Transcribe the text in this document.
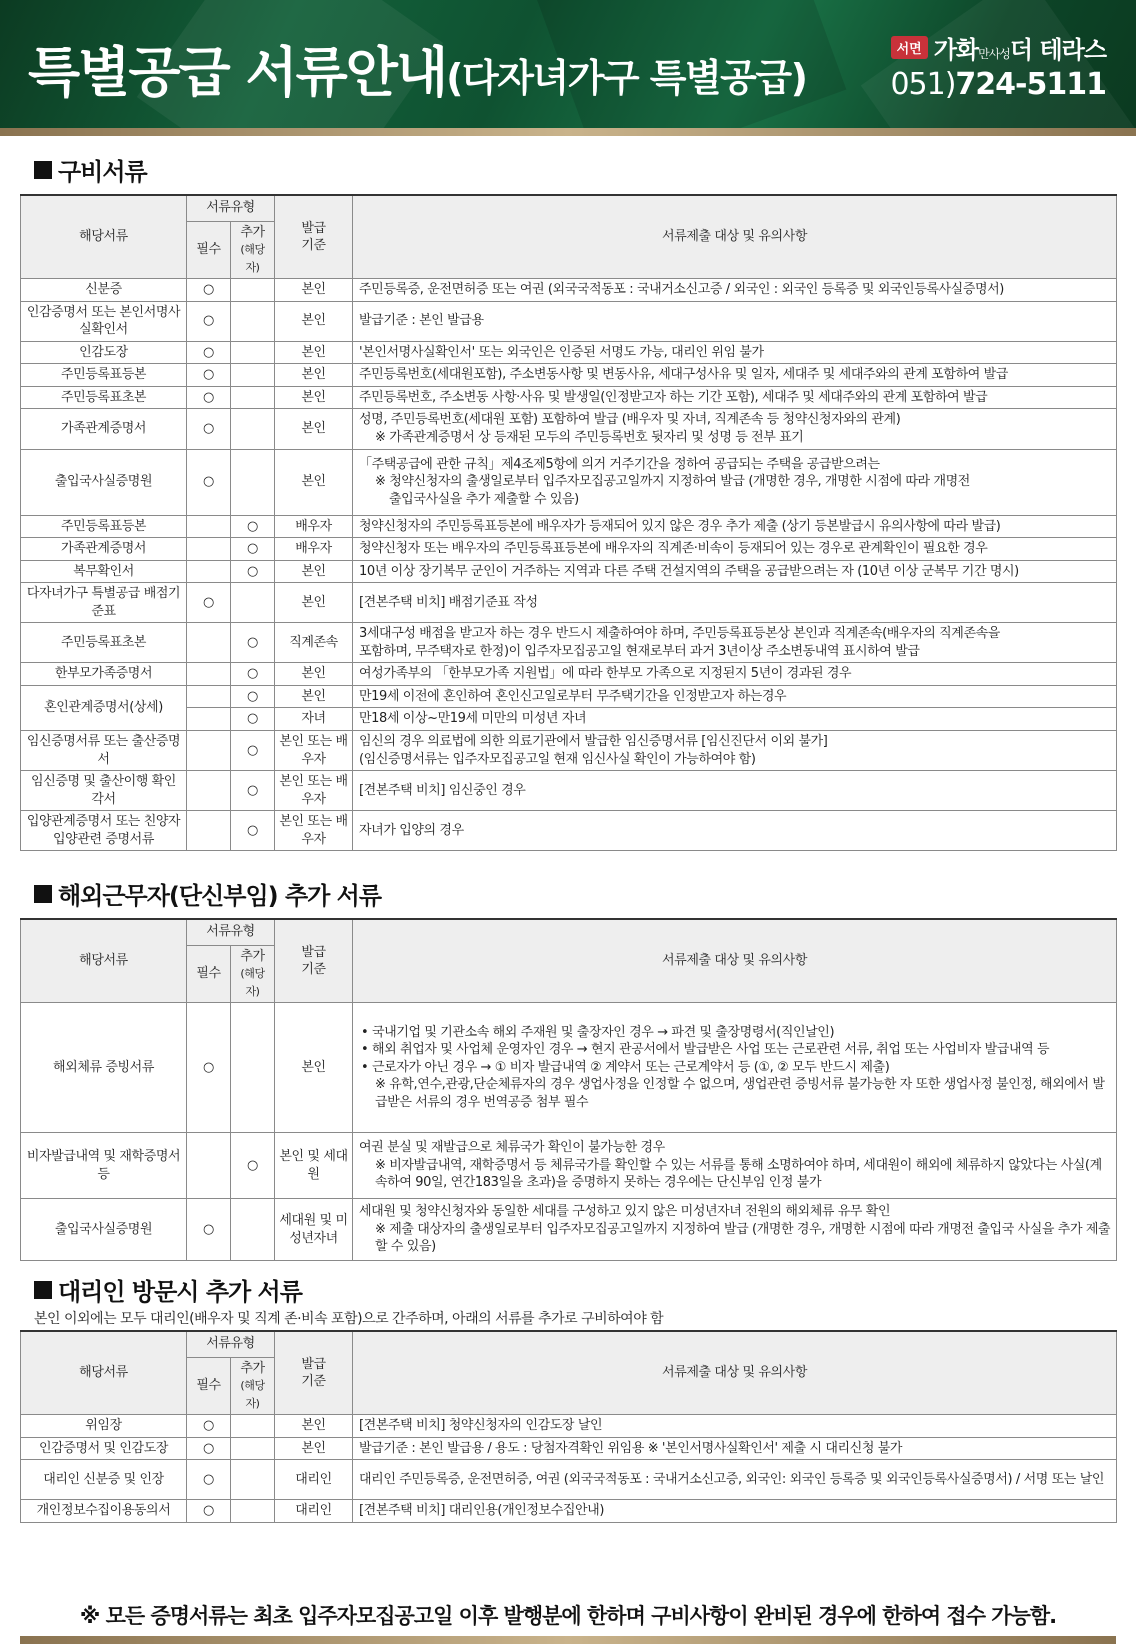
특별공급 서류안내(다자녀가구 특별공급)
서면 가화만사성더 테라스
051)724-5111
구비서류
해당서류	서류유형		발급
기준	서류제출 대상 및 유의사항
	필수	추가
(해당자)		
신분증	○		본인	주민등록증, 운전면허증 또는 여권 (외국국적동포 : 국내거소신고증 / 외국인 : 외국인 등록증 및 외국인등록사실증명서)

인감증명서 또는 본인서명사실확인서	○		본인	발급기준 : 본인 발급용

인감도장	○		본인	'본인서명사실확인서' 또는 외국인은 인증된 서명도 가능, 대리인 위임 불가

주민등록표등본	○		본인	주민등록번호(세대원포함), 주소변동사항 및 변동사유, 세대구성사유 및 일자, 세대주 및 세대주와의 관계 포함하여 발급

주민등록표초본	○		본인	주민등록번호, 주소변동 사항·사유 및 발생일(인정받고자 하는 기간 포함), 세대주 및 세대주와의 관계 포함하여 발급

가족관계증명서	○		본인	성명, 주민등록번호(세대원 포함) 포함하여 발급 (배우자 및 자녀, 직계존속 등 청약신청자와의 관계)
※ 가족관계증명서 상 등재된 모두의 주민등록번호 뒷자리 및 성명 등 전부 표기

출입국사실증명원	○		본인	「주택공급에 관한 규칙」제4조제5항에 의거 거주기간을 정하여 공급되는 주택을 공급받으려는
※ 청약신청자의 출생일로부터 입주자모집공고일까지 지정하여 발급 (개명한 경우, 개명한 시점에 따라 개명전
출입국사실을 추가 제출할 수 있음)

주민등록표등본		○	배우자	청약신청자의 주민등록표등본에 배우자가 등재되어 있지 않은 경우 추가 제출 (상기 등본발급시 유의사항에 따라 발급)

가족관계증명서		○	배우자	청약신청자 또는 배우자의 주민등록표등본에 배우자의 직계존·비속이 등재되어 있는 경우로 관계확인이 필요한 경우

복무확인서		○	본인	10년 이상 장기복무 군인이 거주하는 지역과 다른 주택 건설지역의 주택을 공급받으려는 자 (10년 이상 군복무 기간 명시)

다자녀가구 특별공급 배점기준표	○		본인	[견본주택 비치] 배점기준표 작성

주민등록표초본		○	직계존속	3세대구성 배점을 받고자 하는 경우 반드시 제출하여야 하며, 주민등록표등본상 본인과 직계존속(배우자의 직계존속을
포함하며, 무주택자로 한정)이 입주자모집공고일 현재로부터 과거 3년이상 주소변동내역 표시하여 발급

한부모가족증명서		○	본인	여성가족부의 「한부모가족 지원법」에 따라 한부모 가족으로 지정된지 5년이 경과된 경우

혼인관계증명서(상세)		○	본인	만19세 이전에 혼인하여 혼인신고일로부터 무주택기간을 인정받고자 하는경우

		○	자녀	만18세 이상~만19세 미만의 미성년 자녀

임신증명서류 또는 출산증명서		○	본인 또는 배우자	임신의 경우 의료법에 의한 의료기관에서 발급한 임신증명서류 [임신진단서 이외 불가]
(임신증명서류는 입주자모집공고일 현재 임신사실 확인이 가능하여야 함)

임신증명 및 출산이행 확인각서		○	본인 또는 배우자	[견본주택 비치] 임신중인 경우

입양관계증명서 또는 친양자입양관련 증명서류		○	본인 또는 배우자	자녀가 입양의 경우
해외근무자(단신부임) 추가 서류
해당서류	서류유형		발급
기준	서류제출 대상 및 유의사항
	필수	추가
(해당자)		
해외체류 증빙서류	○		본인	• 국내기업 및 기관소속 해외 주재원 및 출장자인 경우 → 파견 및 출장명령서(직인날인)
• 해외 취업자 및 사업체 운영자인 경우 → 현지 관공서에서 발급받은 사업 또는 근로관련 서류, 취업 또는 사업비자 발급내역 등
• 근로자가 아닌 경우 → ① 비자 발급내역 ② 계약서 또는 근로계약서 등 (①, ② 모두 반드시 제출)
※ 유학,연수,관광,단순체류자의 경우 생업사정을 인정할 수 없으며, 생업관련 증빙서류 불가능한 자 또한 생업사정 불인정, 해외에서 발급받은 서류의 경우 번역공증 첨부 필수

비자발급내역 및 재학증명서 등		○	본인 및 세대원	여권 분실 및 재발급으로 체류국가 확인이 불가능한 경우
※ 비자발급내역, 재학증명서 등 체류국가를 확인할 수 있는 서류를 통해 소명하여야 하며, 세대원이 해외에 체류하지 않았다는 사실(계속하여 90일, 연간183일을 초과)을 증명하지 못하는 경우에는 단신부임 인정 불가

출입국사실증명원	○		세대원 및 미성년자녀	세대원 및 청약신청자와 동일한 세대를 구성하고 있지 않은 미성년자녀 전원의 해외체류 유무 확인
※ 제출 대상자의 출생일로부터 입주자모집공고일까지 지정하여 발급 (개명한 경우, 개명한 시점에 따라 개명전 출입국 사실을 추가 제출할 수 있음)
대리인 방문시 추가 서류
본인 이외에는 모두 대리인(배우자 및 직계 존·비속 포함)으로 간주하며, 아래의 서류를 추가로 구비하여야 함
해당서류	서류유형		발급
기준	서류제출 대상 및 유의사항
	필수	추가
(해당자)		
위임장	○		본인	[견본주택 비치] 청약신청자의 인감도장 날인

인감증명서 및 인감도장	○		본인	발급기준 : 본인 발급용 / 용도 : 당첨자격확인 위임용 ※ '본인서명사실확인서' 제출 시 대리신청 불가

대리인 신분증 및 인장	○		대리인	대리인 주민등록증, 운전면허증, 여권 (외국국적동포 : 국내거소신고증, 외국인: 외국인 등록증 및 외국인등록사실증명서) / 서명 또는 날인

개인정보수집이용동의서	○		대리인	[견본주택 비치] 대리인용(개인정보수집안내)
※ 모든 증명서류는 최초 입주자모집공고일 이후 발행분에 한하며 구비사항이 완비된 경우에 한하여 접수 가능함.
